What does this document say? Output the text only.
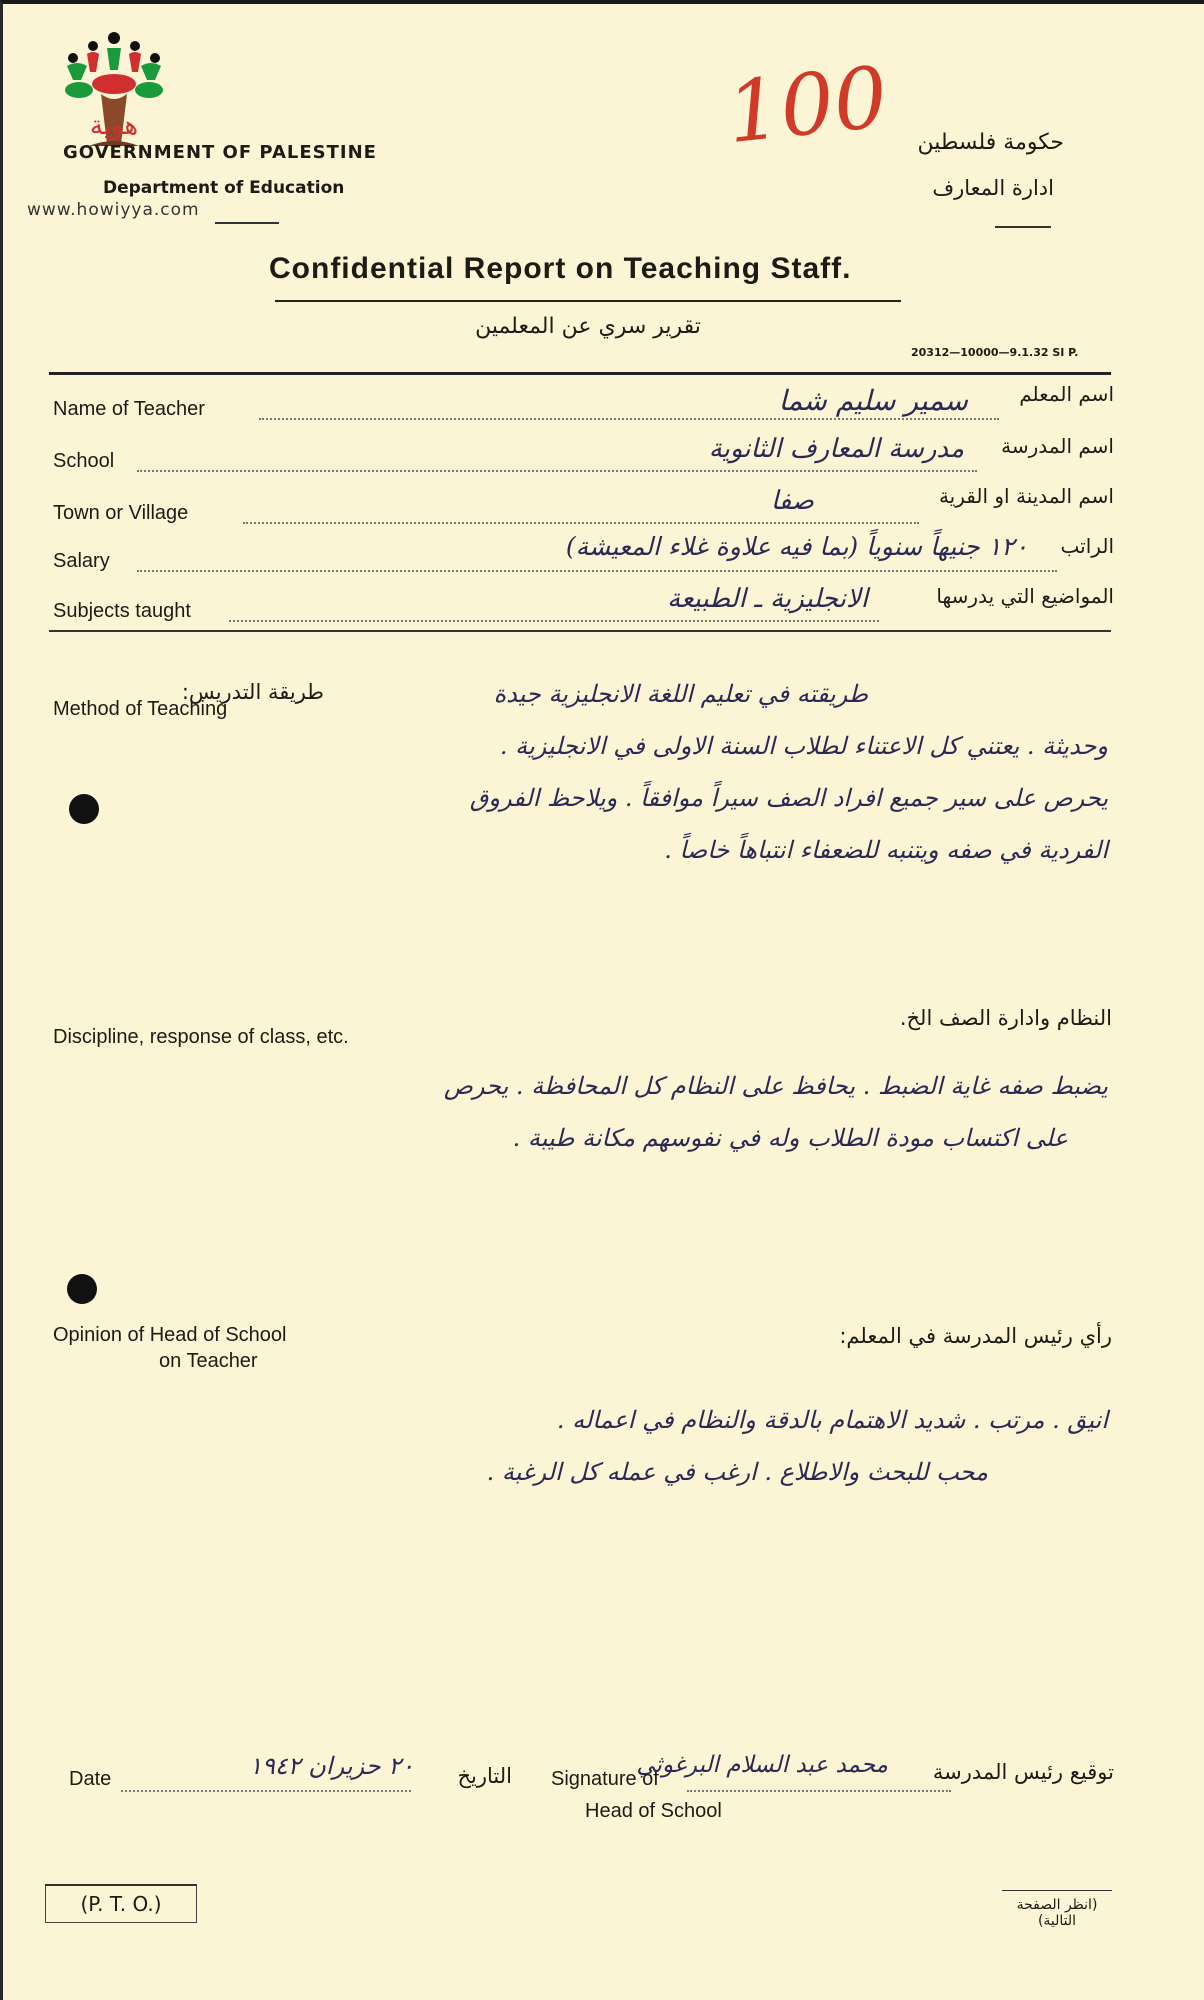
هوية
www.howiyya.com
GOVERNMENT OF PALESTINE
Department of Education
حكومة فلسطين
ادارة المعارف
100
Confidential Report on Teaching Staff.
تقرير سري عن المعلمين
20312—10000—9.1.32 SI P.
Name of Teacher	سمير سليم شما	اسم المعلم
School	مدرسة المعارف الثانوية اسم المدرسة
Town or Village	صفا	اسم المدينة او القرية
Salary	١٢٠ جنيهاً سنوياً (بما فيه علاوة غلاء المعيشة) الراتب
Subjects taught	الانجليزية ـ الطبيعة	المواضيع التي يدرسها
Method of Teaching
طريقة التدريس:	طريقته في تعليم اللغة الانجليزية جيدة
وحديثة . يعتني كل الاعتناء لطلاب السنة الاولى في الانجليزية .
يحرص على سير جميع افراد الصف سيراً موافقاً . ويلاحظ الفروق
الفردية في صفه ويتنبه للضعفاء انتباهاً خاصاً .
Discipline, response of class, etc.
النظام وادارة الصف الخ.
يضبط صفه غاية الضبط . يحافظ على النظام كل المحافظة . يحرص
على اكتساب مودة الطلاب وله في نفوسهم مكانة طيبة .
Opinion of Head of School
on Teacher
رأي رئيس المدرسة في المعلم:
انيق . مرتب . شديد الاهتمام بالدقة والنظام في اعماله .
محب للبحث والاطلاع . ارغب في عمله كل الرغبة .
Date	٢٠ حزيران ١٩٤٢ التاريخ Signature of
Head of School
محمد عبد السلام البرغوثي توقيع رئيس المدرسة
(P. T. O.)	(انظر الصفحة التالية)
